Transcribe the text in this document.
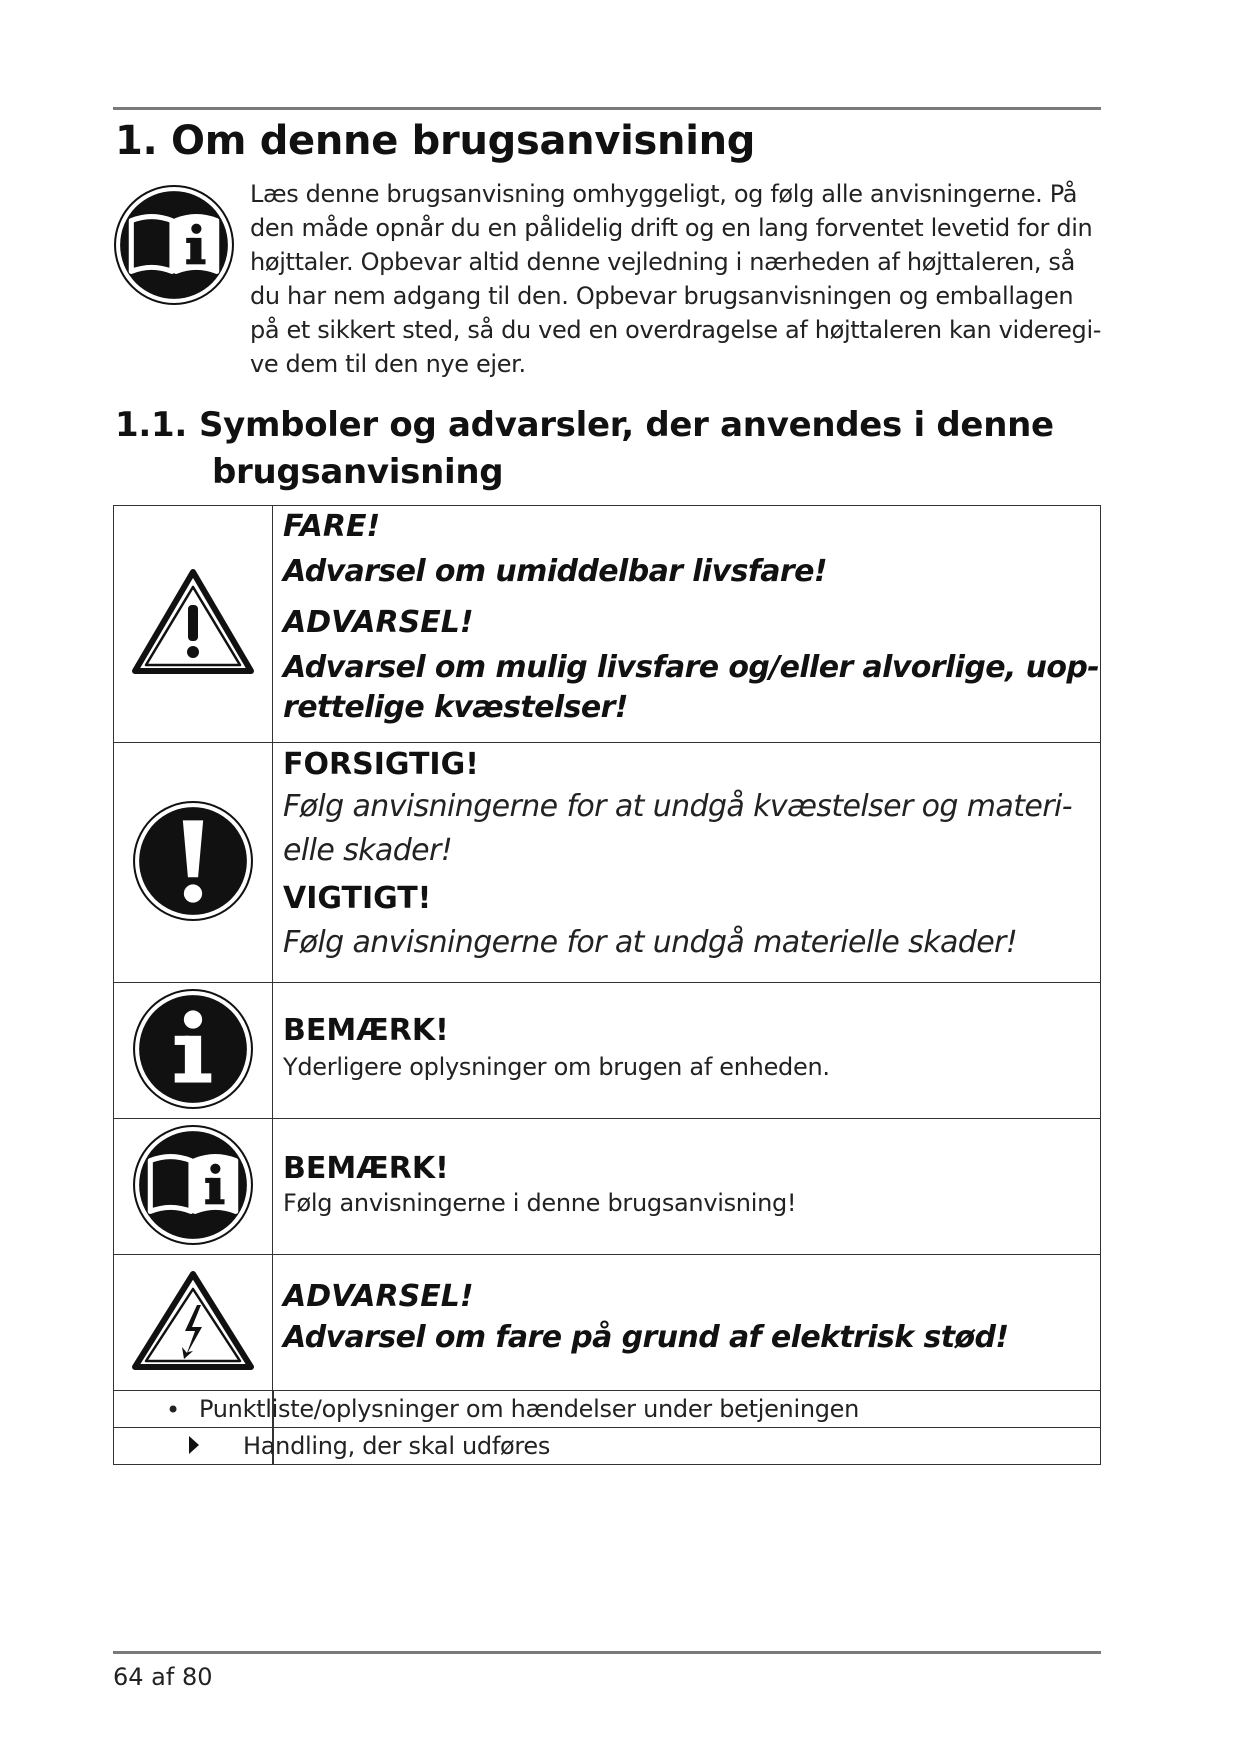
1. Om denne brugsanvisning
Læs denne brugsanvisning omhyggeligt, og følg alle anvisningerne. På
den måde opnår du en pålidelig drift og en lang forventet levetid for din
højttaler. Opbevar altid denne vejledning i nærheden af højttaleren, så
du har nem adgang til den. Opbevar brugsanvisningen og emballagen
på et sikkert sted, så du ved en overdragelse af højttaleren kan videregi-
ve dem til den nye ejer.
1.1. Symboler og advarsler, der anvendes i denne
brugsanvisning

FARE!

Advarsel om umiddelbar livsfare!

ADVARSEL!

Advarsel om mulig livsfare og/eller alvorlige, uop-

rettelige kvæstelser!

FORSIGTIG!

Følg anvisningerne for at undgå kvæstelser og materi-

elle skader!

VIGTIGT!

Følg anvisningerne for at undgå materielle skader!

BEMÆRK!

Yderligere oplysninger om brugen af enheden.

BEMÆRK!

Følg anvisningerne i denne brugsanvisning!

ADVARSEL!

Advarsel om fare på grund af elektrisk stød!

• Punktliste/oplysninger om hændelser under betjeningen	

Handling, der skal udføres	

64 af 80
